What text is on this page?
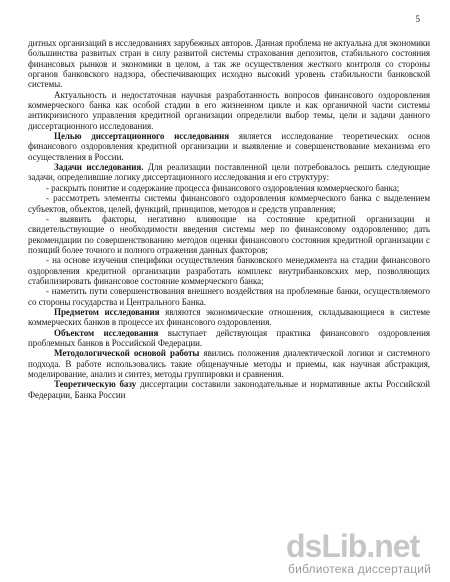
5

дитных организаций в исследованиях зарубежных авторов. Данная проблема не актуальна для экономики большинства развитых стран в силу развитой системы страхования депозитов, стабильного состояния финансовых рынков и экономики в целом, а так же осуществления жесткого контроля со стороны органов банковского надзора, обеспечивающих исходно высокий уровень стабильности банковской системы.

Актуальность и недостаточная научная разработанность вопросов финансового оздоровления коммерческого банка как особой стадии в его жизненном цикле и как органичной части системы антикризисного управления кредитной организации определили выбор темы, цели и задачи данного диссертационного исследования.

Целью диссертационного исследования является исследование теоретических основ финансового оздоровления кредитной организации и выявление и совершенствование механизма его осуществления в России.

Задачи исследования. Для реализации поставленной цели потребовалось решить следующие задачи, определившие логику диссертационного исследования и его структуру:

- раскрыть понятие и содержание процесса финансового оздоровления коммерческого банка;

- рассмотреть элементы системы финансового оздоровления коммерческого банка с выделением субъектов, объектов, целей, функций, принципов, методов и средств управления;

- выявить факторы, негативно влияющие на состояние кредитной организации и свидетельствующие о необходимости введения системы мер по финансовому оздоровлению; дать рекомендации по совершенствованию методов оценки финансового состояния кредитной организации с позиций более точного и полного отражения данных факторов;

- на основе изучения специфики осуществления банковского менеджмента на стадии финансового оздоровления кредитной организации разработать комплекс внутрибанковских мер, позволяющих стабилизировать финансовое состояние коммерческого банка;

- наметить пути совершенствования внешнего воздействия на проблемные банки, осуществляемого со стороны государства и Центрального Банка.

Предметом исследования являются экономические отношения, складывающиеся в системе коммерческих банков в процессе их финансового оздоровления.

Объектом исследования выступает действующая практика финансового оздоровления проблемных банков в Российской Федерации.

Методологической основой работы явились положения диалектической логики и системного подхода. В работе использовались такие общенаучные методы и приемы, как научная абстракция, моделирование, анализ и синтез, методы группировки и сравнения.

Теоретическую базу диссертации составили законодательные и нормативные акты Российской Федерации, Банка России

dsLib.net
библиотека диссертаций
